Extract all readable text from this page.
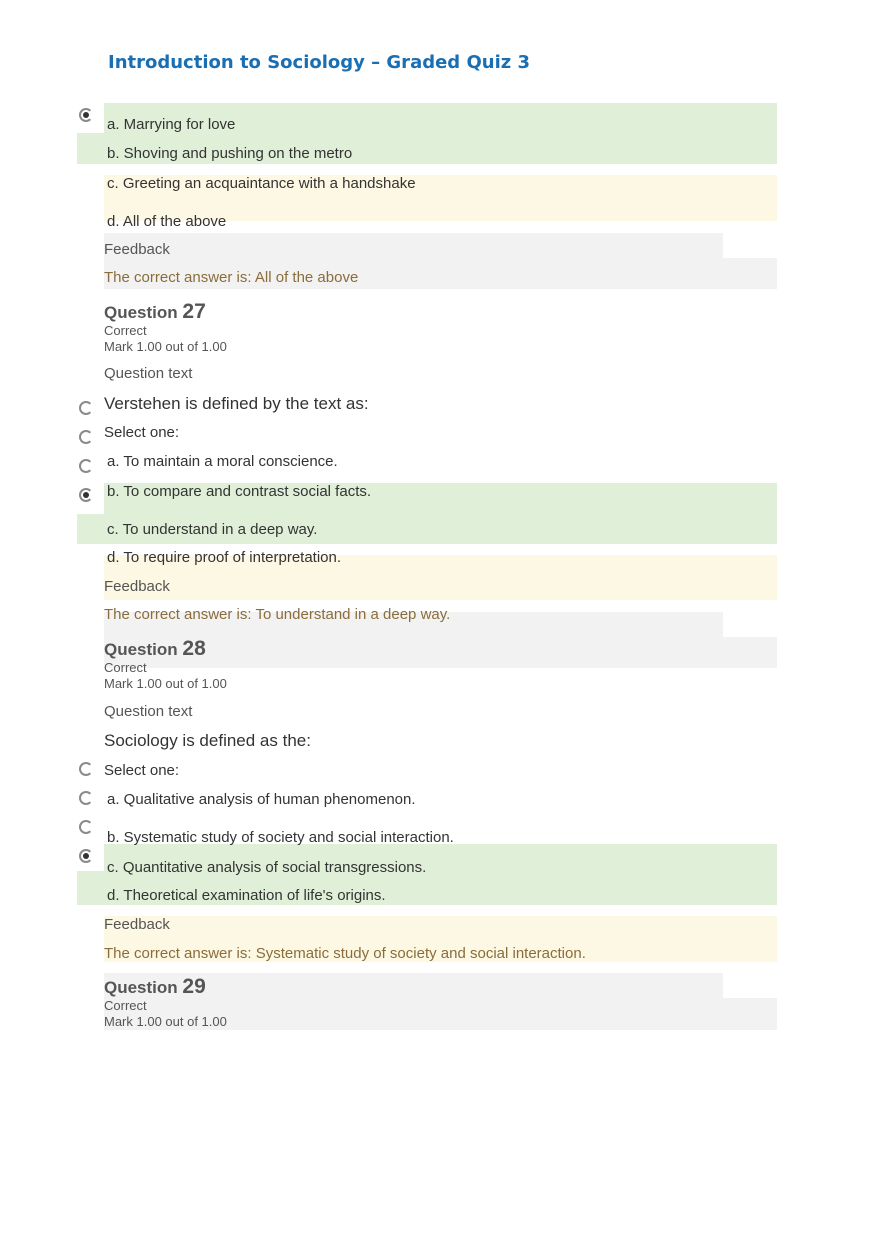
Introduction to Sociology – Graded Quiz 3
a. Marrying for love
b. Shoving and pushing on the metro
c. Greeting an acquaintance with a handshake
d. All of the above
Feedback
The correct answer is: All of the above
Question 27
Correct
Mark 1.00 out of 1.00
Question text
Verstehen is defined by the text as:
Select one:
a. To maintain a moral conscience.
b. To compare and contrast social facts.
c. To understand in a deep way.
d. To require proof of interpretation.
Feedback
The correct answer is: To understand in a deep way.
Question 28
Correct
Mark 1.00 out of 1.00
Question text
Sociology is defined as the:
Select one:
a. Qualitative analysis of human phenomenon.
b. Systematic study of society and social interaction.
c. Quantitative analysis of social transgressions.
d. Theoretical examination of life's origins.
Feedback
The correct answer is: Systematic study of society and social interaction.
Question 29
Correct
Mark 1.00 out of 1.00
